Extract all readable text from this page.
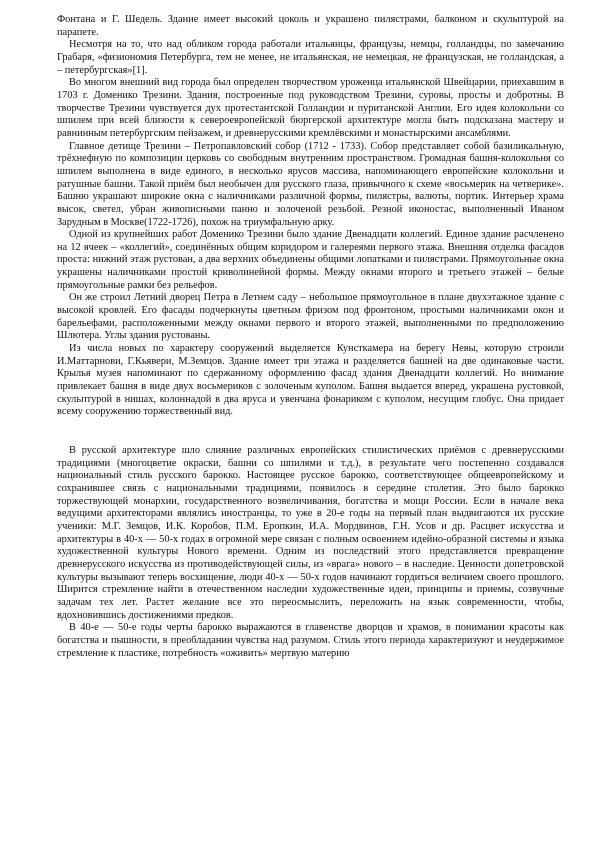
Фонтана и Г. Шедель. Здание имеет высокий цоколь и украшено пилястрами, балконом и скульптурой на парапете.

Несмотря на то, что над обликом города работали итальянцы, французы, немцы, голландцы, по замечанию Грабаря, «физиономия Петербурга, тем не менее, не итальянская, не немецкая, не французская, не голландская, а – петербургская»[1].

Во многом внешний вид города был определен творчеством уроженца итальянской Швейцарии, приехавшим в 1703 г. Доменико Трезини. Здания, построенные под руководством Трезини, суровы, просты и добротны. В творчестве Трезини чувствуется дух протестантской Голландии и пуританской Англии. Его идея колокольни со шпилем при всей близости к североевропейской бюргерской архитектуре могла быть подсказана мастеру и равнинным петербургским пейзажем, и древнерусскими кремлёвскими и монастырскими ансамблями.

Главное детище Трезини – Петропавловский собор (1712 - 1733). Собор представляет собой базиликальную, трёхнефную по композиции церковь со свободным внутренним пространством. Громадная башня-колокольня со шпилем выполнена в виде единого, в несколько ярусов массива, напоминающего европейские колокольни и ратушные башни. Такой приём был необычен для русского глаза, привычного к схеме «восьмерик на четверике». Башню украшают широкие окна с наличниками различной формы, пилястры, валюты, портик. Интерьер храма высок, светел, убран живописными панно и золоченой резьбой. Резной иконостас, выполненный Иваном Зарудным в Москве(1722-1726), похож на триумфальную арку.

Одной из крупнейших работ Доменико Трезини было здание Двенадцати коллегий. Единое здание расчленено на 12 ячеек – «коллегий», соединённых общим коридором и галереями первого этажа. Внешняя отделка фасадов проста: нижний этаж рустован, а два верхних объединены общими лопатками и пилястрами. Прямоугольные окна украшены наличниками простой криволинейной формы. Между окнами второго и третьего этажей – белые прямоугольные рамки без рельефов.

Он же строил Летний дворец Петра в Летнем саду – небольшое прямоугольное в плане двухэтажное здание с высокой кровлей. Его фасады подчеркнуты цветным фризом под фронтоном, простыми наличниками окон и барельефами, расположенными между окнами первого и второго этажей, выполненными по предположению Шлютера. Углы здания рустованы.

Из числа новых по характеру сооружений выделяется Кунсткамера на берегу Невы, которую строили И.Маттарнови, Г.Кьявери, М.Земцов. Здание имеет три этажа и разделяется башней на две одинаковые части. Крылья музея напоминают по сдержанному оформлению фасад здания Двенадцати коллегий. Но внимание привлекает башня в виде двух восьмериков с золоченым куполом. Башня выдается вперед, украшена рустовкой, скульптурой в нишах, колоннадой в два яруса и увенчана фонариком с куполом, несущим глобус. Она придает всему сооружению торжественный вид.

В русской архитектуре шло слияние различных европейских стилистических приёмов с древнерусскими традициями (многоцветие окраски, башни со шпилями и т.д.), в результате чего постепенно создавался национальный стиль русского барокко. Настоящее русское барокко, соответствующее общеевропейскому и сохранившее связь с национальными традициями, появилось в середине столетия. Это было барокко торжествующей монархии, государственного возвеличивания, богатства и мощи России. Если в начале века ведущими архитекторами являлись иностранцы, то уже в 20-е годы на первый план выдвигаются их русские ученики: М.Г. Земцов, И.К. Коробов, П.М. Еропкин, И.А. Мордвинов, Г.Н. Усов и др. Расцвет искусства и архитектуры в 40-х — 50-х годах в огромной мере связан с полным освоением идейно-образной системы и языка художественной культуры Нового времени. Одним из последствий этого представляется превращение древнерусского искусства из противодействующей силы, из «врага» нового – в наследие. Ценности допетровской культуры вызывают теперь восхищение, люди 40-х — 50-х годов начинают гордиться величием своего прошлого. Ширится стремление найти в отечественном наследии художественные идеи, принципы и приемы, созвучные задачам тех лет. Растет желание все это переосмыслить, переложить на язык современности, чтобы, вдохновившись достижениями предков.

В 40-е — 50-е годы черты барокко выражаются в главенстве дворцов и храмов, в понимании красоты как богатства и пышности, в преобладании чувства над разумом. Стиль этого периода характеризуют и неудержимое стремление к пластике, потребность «оживить» мертвую материю
